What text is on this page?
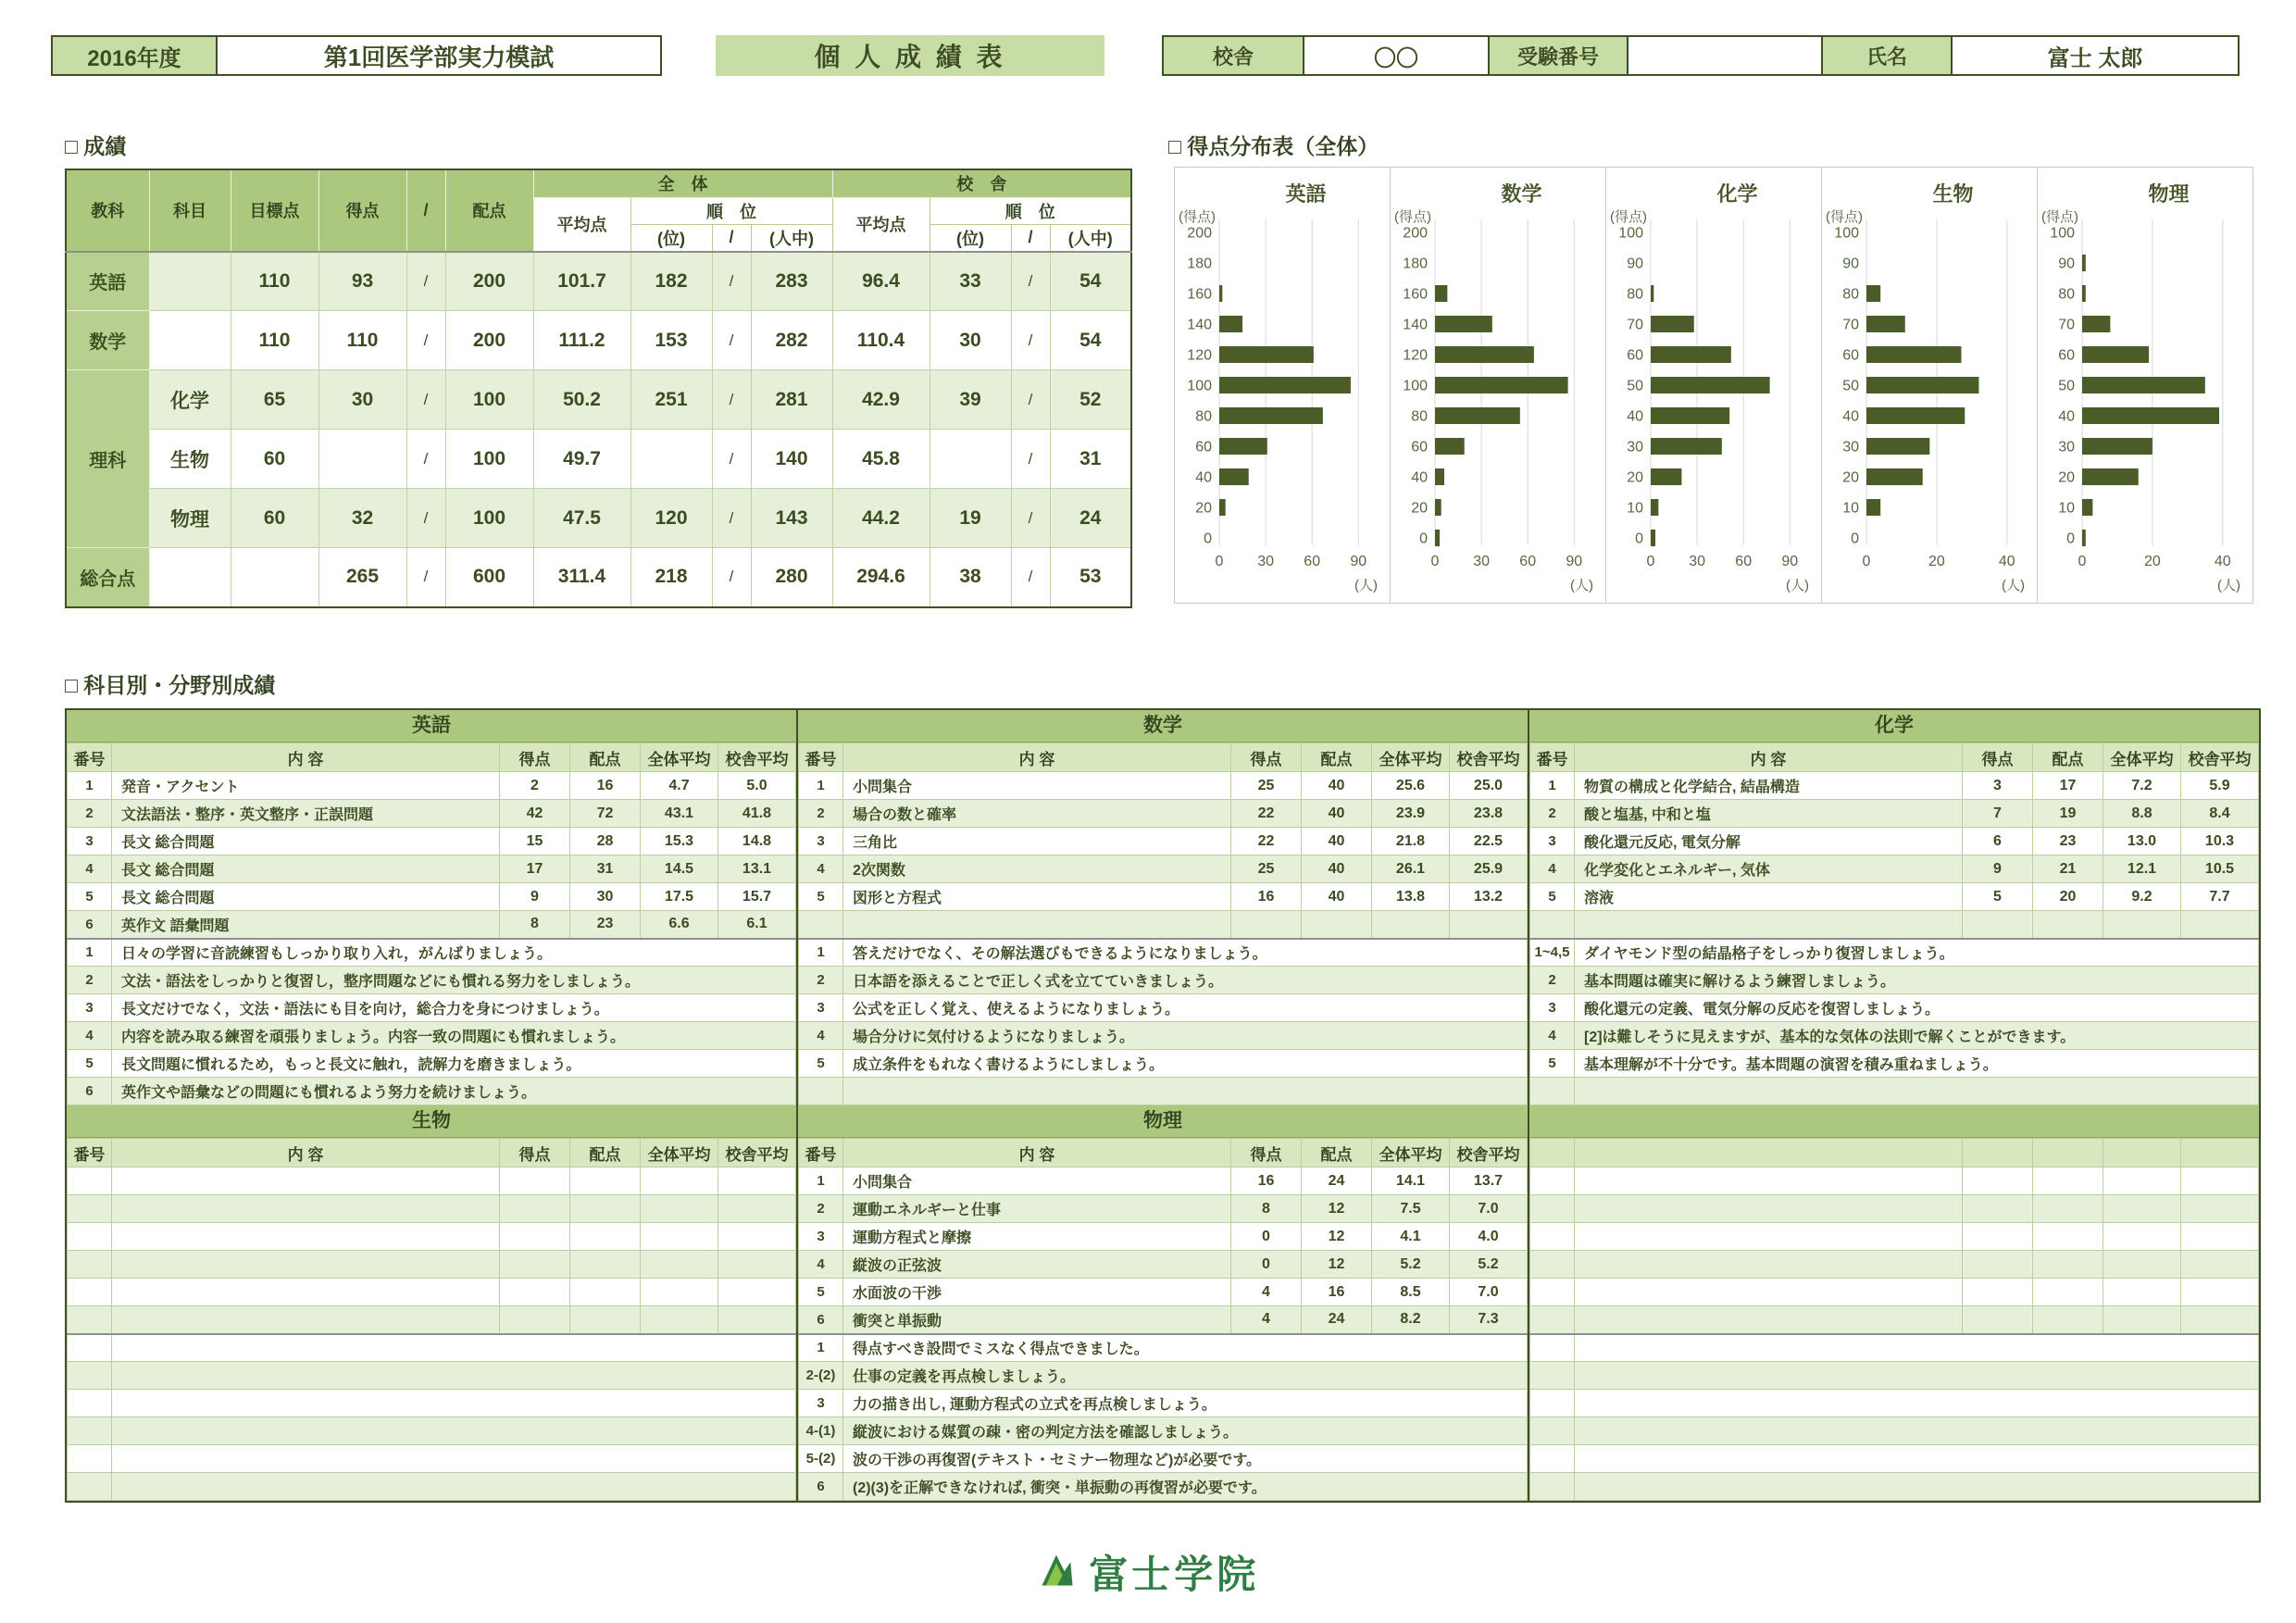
2016年度	第1回医学部実力模試	個 人 成 績 表	校舎	〇〇	受験番号	氏名	富士 太郎
□ 成績	□ 得点分布表（全体）
□ 科目別・分野別成績
教科	科目	目標点	得点	/	配点	全　体				校　舎			
						平均点	順　位			平均点	順　位		
							(位)	/	(人中)		(位)	/	(人中)
英語		110	93	/	200	101.7	182	/	283	96.4	33	/	54
数学		110	110	/	200	111.2	153	/	282	110.4	30	/	54
理科	化学	65	30	/	100	50.2	251	/	281	42.9	39	/	52
	生物	60		/	100	49.7		/	140	45.8		/	31
	物理	60	32	/	100	47.5	120	/	143	44.2	19	/	24
総合点			265	/	600	311.4	218	/	280	294.6	38	/	53
英語
(得点)
0 30 60 90
200
180
160
140
120
100
80
60
40
20
0
(人)
数学
(得点)
0 30 60 90
200
180
160
140
120
100
80
60
40
20
0
(人)
化学
(得点)
0 30 60 90
100
90
80
70
60
50
40
30
20
10
0
(人)
生物
(得点)
0	20	40
100
90
80
70
60
50
40
30
20
10
0
(人)
物理
(得点)
0	20	40
100
90
80
70
60
50
40
30
20
10
0
(人)
英語
番号	内 容	得点	配点	全体平均	校舎平均
1	発音・アクセント	2	16	4.7	5.0
2	文法語法・整序・英文整序・正誤問題	42	72	43.1	41.8
3	長文 総合問題	15	28	15.3	14.8
4	長文 総合問題	17	31	14.5	13.1
5	長文 総合問題	9	30	17.5	15.7
6	英作文 語彙問題	8	23	6.6	6.1
1	日々の学習に音読練習もしっかり取り入れ，がんばりましょう。				
2	文法・語法をしっかりと復習し，整序問題などにも慣れる努力をしましょう。				
3	長文だけでなく，文法・語法にも目を向け，総合力を身につけましょう。				
4	内容を読み取る練習を頑張りましょう。内容一致の問題にも慣れましょう。				
5	長文問題に慣れるため，もっと長文に触れ，読解力を磨きましょう。				
6	英作文や語彙などの問題にも慣れるよう努力を続けましょう。				
数学
番号	内 容	得点	配点	全体平均	校舎平均
1	小問集合	25	40	25.6	25.0
2	場合の数と確率	22	40	23.9	23.8
3	三角比	22	40	21.8	22.5
4	2次関数	25	40	26.1	25.9
5	図形と方程式	16	40	13.8	13.2

1	答えだけでなく、その解法選びもできるようになりましょう。				
2	日本語を添えることで正しく式を立てていきましょう。				
3	公式を正しく覚え、使えるようになりましょう。				
4	場合分けに気付けるようになりましょう。				
5	成立条件をもれなく書けるようにしましょう。				

化学
番号	内 容	得点	配点	全体平均	校舎平均
1	物質の構成と化学結合, 結晶構造	3	17	7.2	5.9
2	酸と塩基, 中和と塩	7	19	8.8	8.4
3	酸化還元反応, 電気分解	6	23	13.0	10.3
4	化学変化とエネルギー, 気体	9	21	12.1	10.5
5	溶液	5	20	9.2	7.7

1~4,5	ダイヤモンド型の結晶格子をしっかり復習しましょう。				
2	基本問題は確実に解けるよう練習しましょう。				
3	酸化還元の定義、電気分解の反応を復習しましょう。				
4	[2]は難しそうに見えますが、基本的な気体の法則で解くことができます。				
5	基本理解が不十分です。基本問題の演習を積み重ねましょう。				

生物
番号	内 容	得点	配点	全体平均	校舎平均

物理
番号	内 容	得点	配点	全体平均	校舎平均
1	小問集合	16	24	14.1	13.7
2	運動エネルギーと仕事	8	12	7.5	7.0
3	運動方程式と摩擦	0	12	4.1	4.0
4	縦波の正弦波	0	12	5.2	5.2
5	水面波の干渉	4	16	8.5	7.0
6	衝突と単振動	4	24	8.2	7.3
1	得点すべき設問でミスなく得点できました。				
2-(2)	仕事の定義を再点検しましょう。				
3	力の描き出し, 運動方程式の立式を再点検しましょう。				
4-(1)	縦波における媒質の疎・密の判定方法を確認しましょう。				
5-(2)	波の干渉の再復習(テキスト・セミナー物理など)が必要です。				
6	(2)(3)を正解できなければ, 衝突・単振動の再復習が必要です。				

富士学院
